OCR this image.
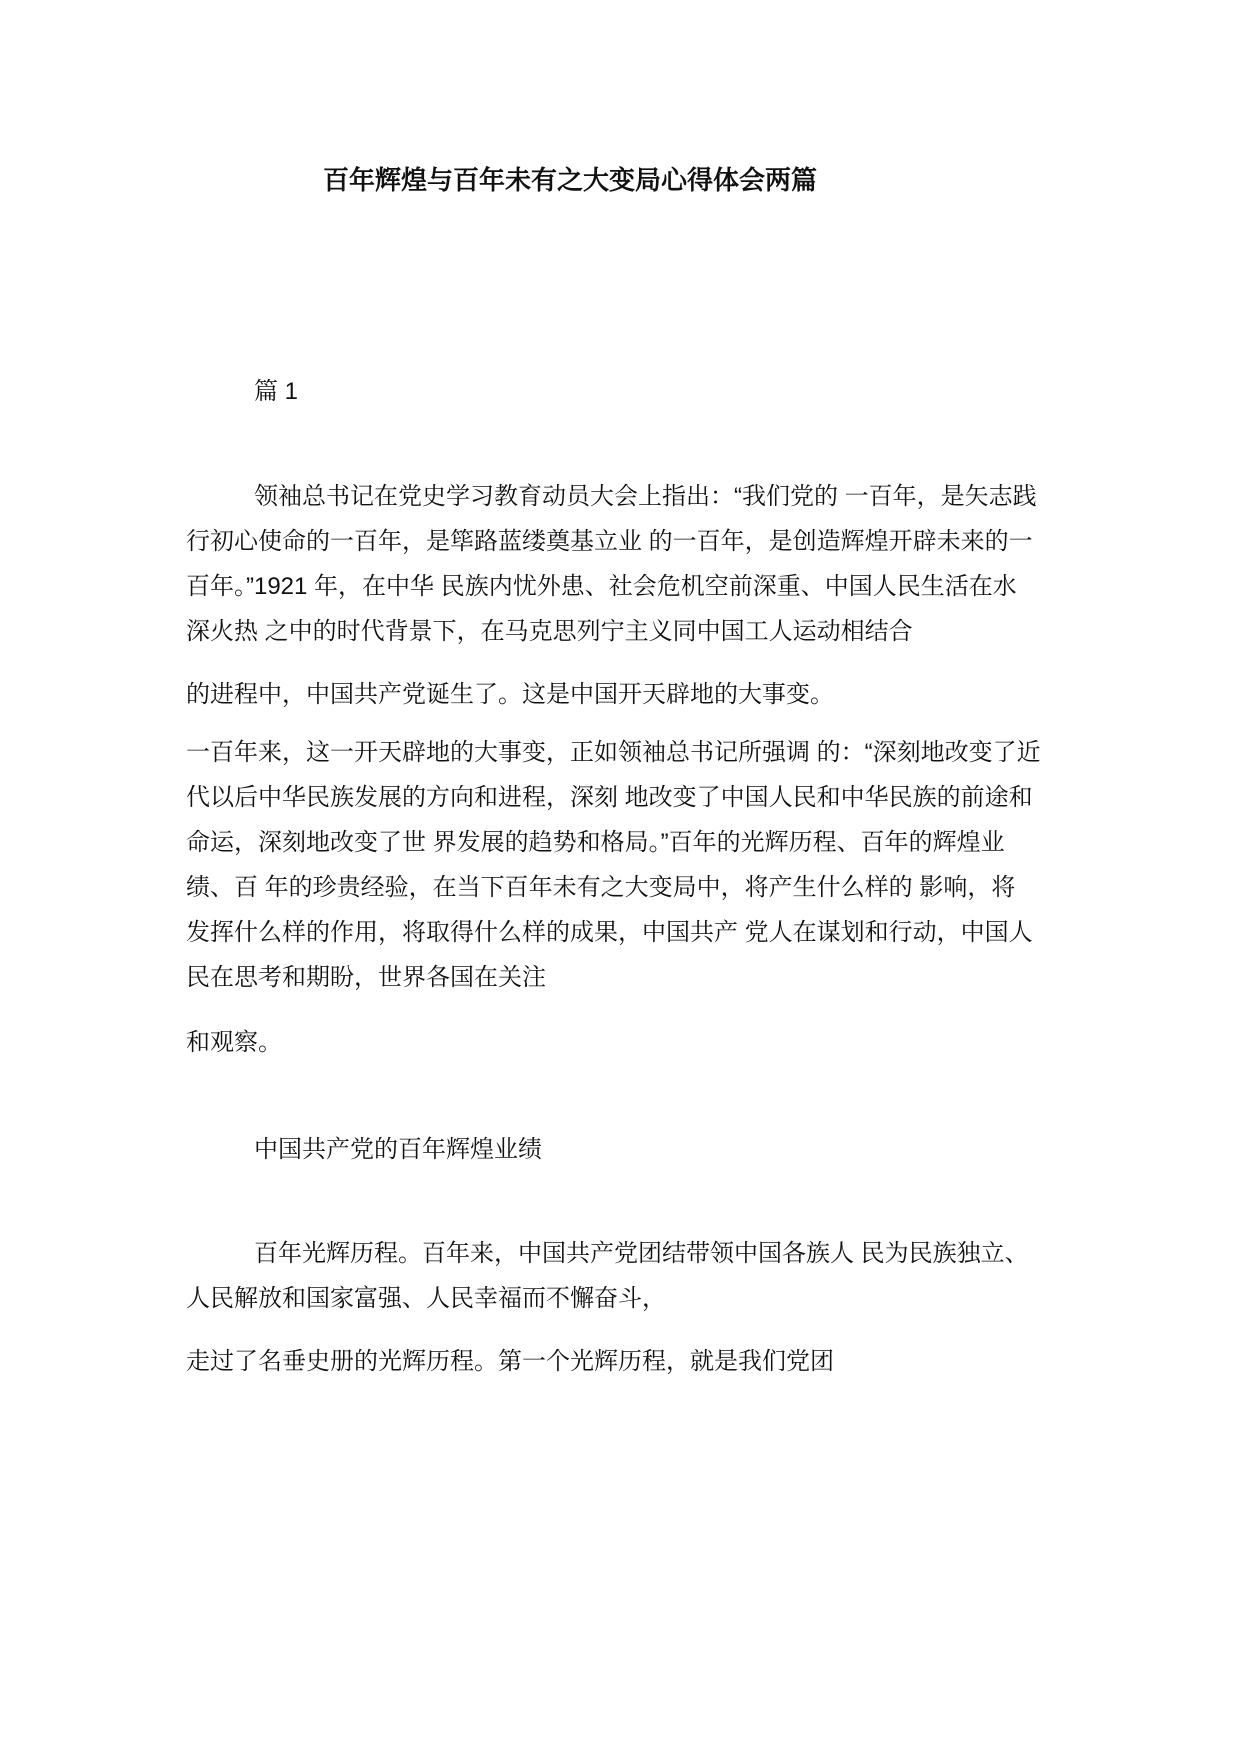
百年辉煌与百年未有之大变局心得体会两篇
篇 1
领袖总书记在党史学习教育动员大会上指出：“我们党的 一百年，是矢志践
行初心使命的一百年，是筚路蓝缕奠基立业 的一百年，是创造辉煌开辟未来的一
百年。”1921 年，在中华 民族内忧外患、社会危机空前深重、中国人民生活在水
深火热 之中的时代背景下，在马克思列宁主义同中国工人运动相结合
的进程中，中国共产党诞生了。这是中国开天辟地的大事变。
一百年来，这一开天辟地的大事变，正如领袖总书记所强调 的：“深刻地改变了近
代以后中华民族发展的方向和进程，深刻 地改变了中国人民和中华民族的前途和
命运，深刻地改变了世 界发展的趋势和格局。”百年的光辉历程、百年的辉煌业
绩、百 年的珍贵经验，在当下百年未有之大变局中，将产生什么样的 影响，将
发挥什么样的作用，将取得什么样的成果，中国共产 党人在谋划和行动，中国人
民在思考和期盼，世界各国在关注
和观察。
中国共产党的百年辉煌业绩
百年光辉历程。百年来，中国共产党团结带领中国各族人 民为民族独立、
人民解放和国家富强、人民幸福而不懈奋斗，
走过了名垂史册的光辉历程。第一个光辉历程，就是我们党团
